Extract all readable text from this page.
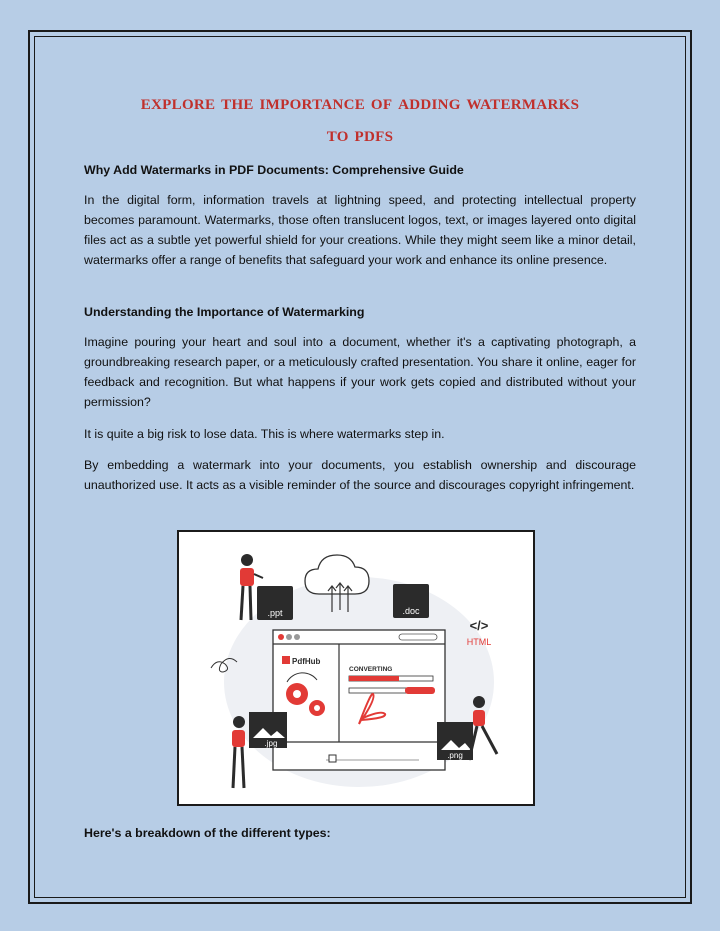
explore the importance of adding watermarks
to pdfs
Why Add Watermarks in PDF Documents: Comprehensive Guide
In the digital form, information travels at lightning speed, and protecting intellectual property becomes paramount. Watermarks, those often translucent logos, text, or images layered onto digital files act as a subtle yet powerful shield for your creations. While they might seem like a minor detail, watermarks offer a range of benefits that safeguard your work and enhance its online presence.
Understanding the Importance of Watermarking
Imagine pouring your heart and soul into a document, whether it's a captivating photograph, a groundbreaking research paper, or a meticulously crafted presentation. You share it online, eager for feedback and recognition. But what happens if your work gets copied and distributed without your permission?
It is quite a big risk to lose data. This is where watermarks step in.
By embedding a watermark into your documents, you establish ownership and discourage unauthorized use. It acts as a visible reminder of the source and discourages copyright infringement.
.ppt	.doc
</>
HTML
PdfHub
CONVERTING
.jpg
.png
Here's a breakdown of the different types:
